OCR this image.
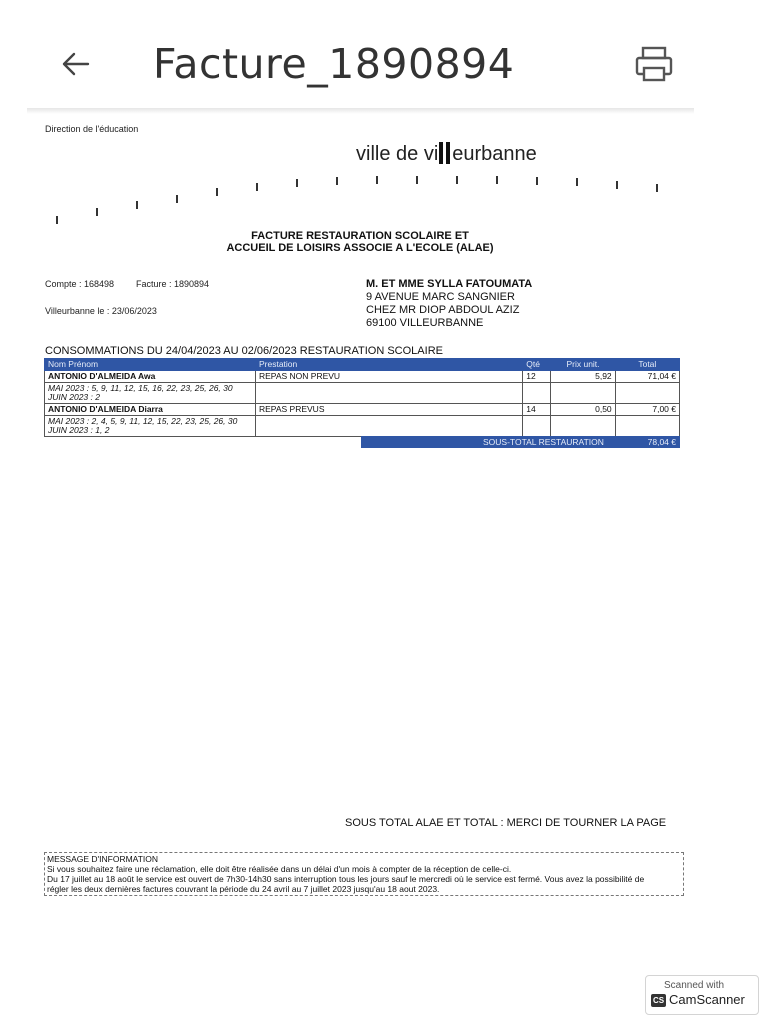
Facture_1890894
Direction de l'éducation
ville de vi eurbanne
FACTURE RESTAURATION SCOLAIRE ET
ACCUEIL DE LOISIRS ASSOCIE A L'ECOLE (ALAE)
Compte : 168498 Facture : 1890894
Villeurbanne le : 23/06/2023
M. ET MME SYLLA FATOUMATA
9 AVENUE MARC SANGNIER
CHEZ MR DIOP ABDOUL AZIZ
69100 VILLEURBANNE
CONSOMMATIONS DU 24/04/2023 AU 02/06/2023 RESTAURATION SCOLAIRE
Nom Prénom	Prestation	Qté	Prix unit.	Total
ANTONIO D'ALMEIDA Awa	REPAS NON PREVU	12	5,92	71,04 €

MAI 2023 : 5, 9, 11, 12, 15, 16, 22, 23, 25, 26, 30
JUIN 2023 : 2				

ANTONIO D'ALMEIDA Diarra	REPAS PREVUS	14	0,50	7,00 €

MAI 2023 : 2, 4, 5, 9, 11, 12, 15, 22, 23, 25, 26, 30
JUIN 2023 : 1, 2				

SOUS-TOTAL RESTAURATION	78,04 €
SOUS TOTAL ALAE ET TOTAL : MERCI DE TOURNER LA PAGE
MESSAGE D'INFORMATION
Si vous souhaitez faire une réclamation, elle doit être réalisée dans un délai d'un mois à compter de la réception de celle-ci.
Du 17 juillet au 18 août le service est ouvert de 7h30-14h30 sans interruption tous les jours sauf le mercredi où le service est fermé. Vous avez la possibilité de
régler les deux dernières factures couvrant la période du 24 avril au 7 juillet 2023 jusqu'au 18 aout 2023.
Scanned with
CS CamScanner
